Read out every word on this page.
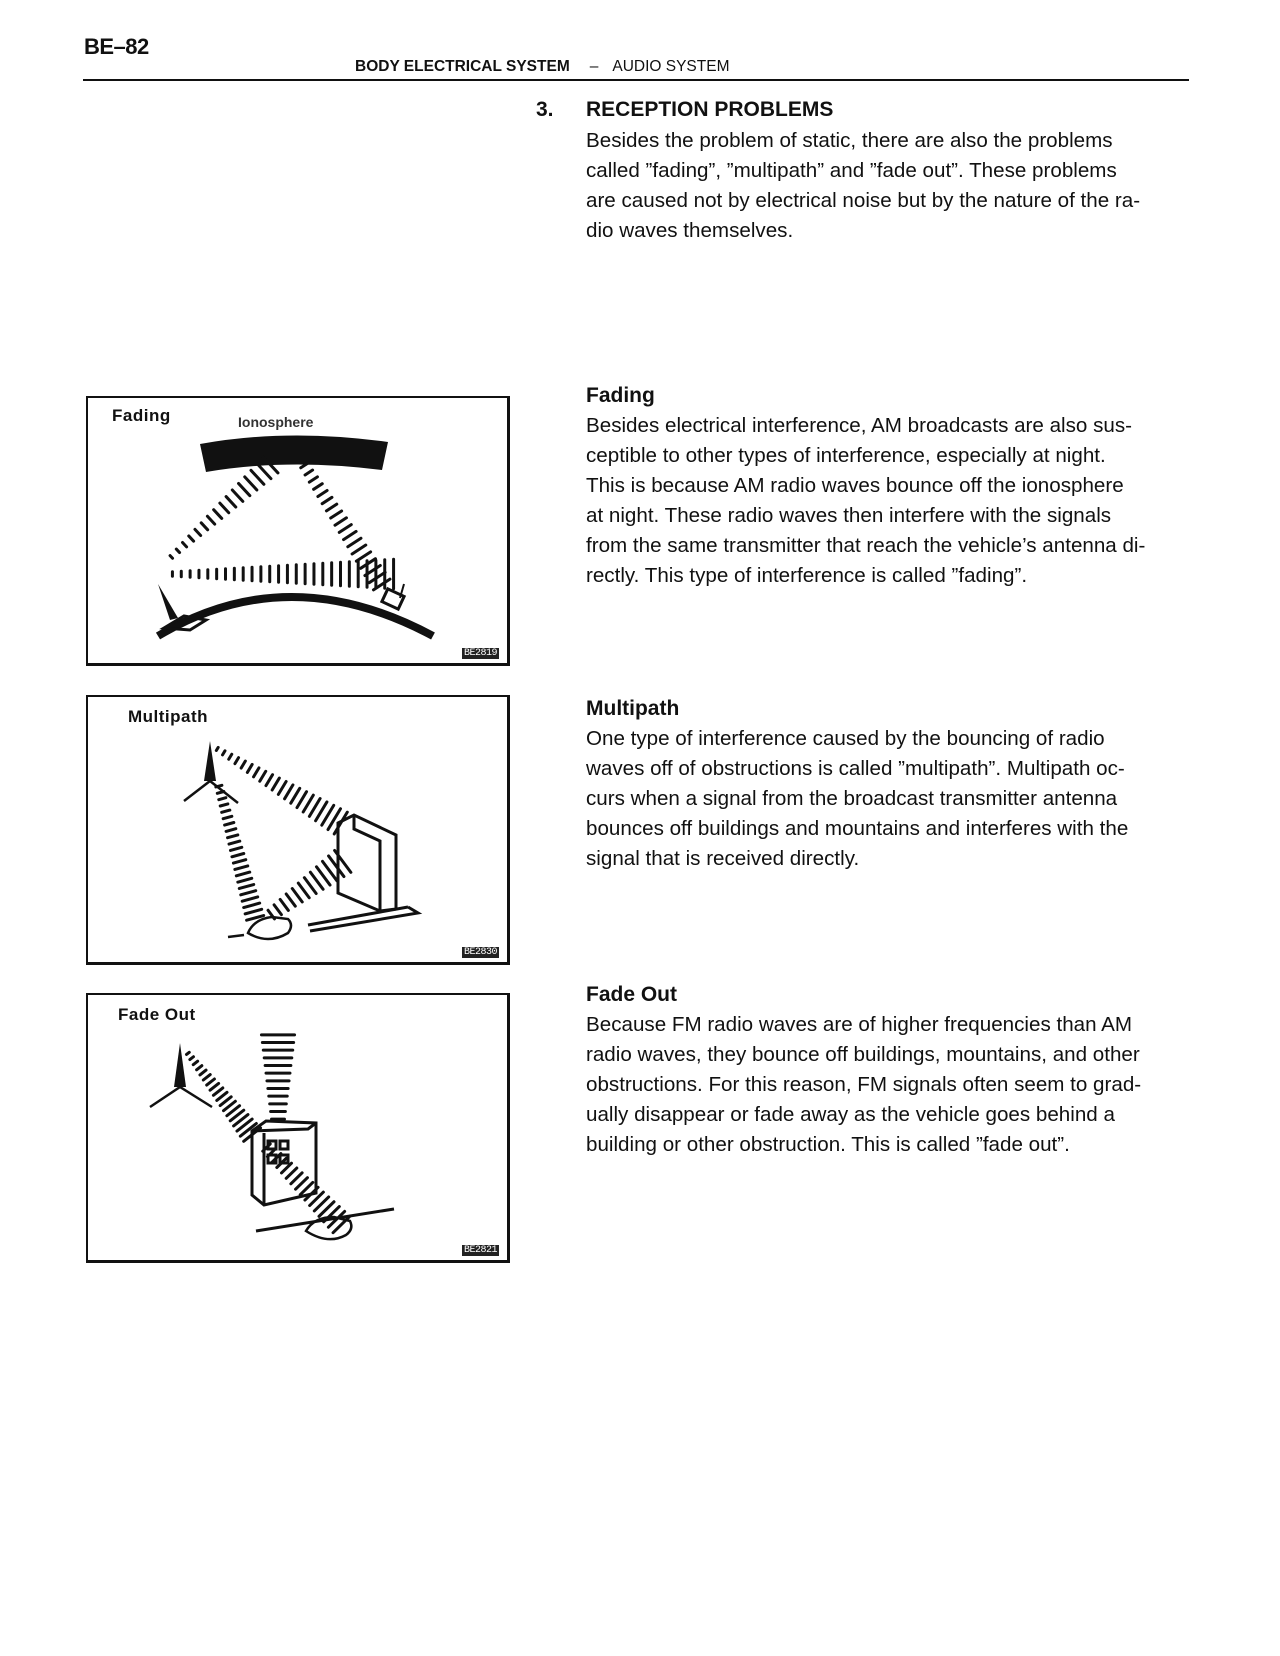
BE–82
BODY ELECTRICAL SYSTEM – AUDIO SYSTEM
3. RECEPTION PROBLEMS

Besides the problem of static, there are also the problems

called ”fading”, ”multipath” and ”fade out”. These problems

are caused not by electrical noise but by the nature of the ra-

dio waves themselves.

Fading

Besides electrical interference, AM broadcasts are also sus-

ceptible to other types of interference, especially at night.

This is because AM radio waves bounce off the ionosphere

at night. These radio waves then interfere with the signals

from the same transmitter that reach the vehicle’s antenna di-

rectly. This type of interference is called ”fading”.

Multipath

One type of interference caused by the bouncing of radio

waves off of obstructions is called ”multipath”. Multipath oc-

curs when a signal from the broadcast transmitter antenna

bounces off buildings and mountains and interferes with the

signal that is received directly.

Fade Out

Because FM radio waves are of higher frequencies than AM

radio waves, they bounce off buildings, mountains, and other

obstructions. For this reason, FM signals often seem to grad-

ually disappear or fade away as the vehicle goes behind a

building or other obstruction. This is called ”fade out”.

Fading	Ionosphere
BE2819
Multipath
BE2830
Fade Out
BE2821
